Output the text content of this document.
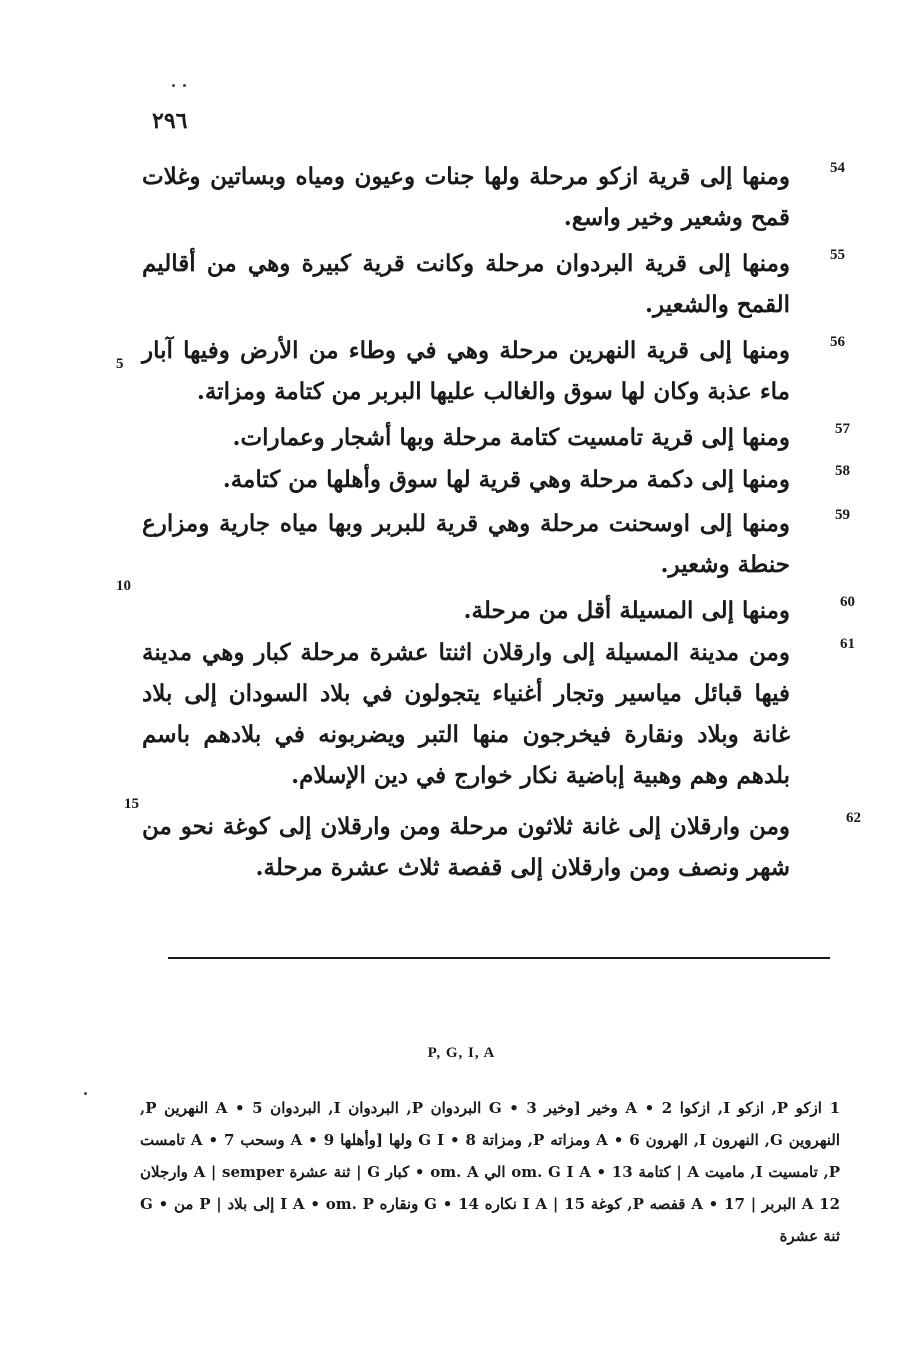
٢٩٦
54
ومنها إلى قرية ازكو مرحلة ولها جنات وعيون ومياه وبساتين وغلات قمح وشعير وخير واسع.
55
ومنها إلى قرية البردوان مرحلة وكانت قرية كبيرة وهي من أقاليم القمح والشعير.
56
ومنها إلى قرية النهرين مرحلة وهي في وطاء من الأرض وفيها آبار ماء عذبة وكان لها سوق والغالب عليها البربر من كتامة ومزاتة.
57
ومنها إلى قرية تامسيت كتامة مرحلة وبها أشجار وعمارات.
58
ومنها إلى دكمة مرحلة وهي قرية لها سوق وأهلها من كتامة.
59
ومنها إلى اوسحنت مرحلة وهي قرية للبربر وبها مياه جارية ومزارع حنطة وشعير.
60
ومنها إلى المسيلة أقل من مرحلة.
61
ومن مدينة المسيلة إلى وارقلان اثنتا عشرة مرحلة كبار وهي مدينة فيها قبائل مياسير وتجار أغنياء يتجولون في بلاد السودان إلى بلاد غانة وبلاد ونقارة فيخرجون منها التبر ويضربونه في بلادهم باسم بلدهم وهم وهبية إباضية نكار خوارج في دين الإسلام.
62
ومن وارقلان إلى غانة ثلاثون مرحلة ومن وارقلان إلى كوغة نحو من شهر ونصف ومن وارقلان إلى قفصة ثلاث عشرة مرحلة.
5
10
15
P, G, I, A
1 ازكو P, ازكو I, ازكوا A • 2 وخير [وخير G • 3 البردوان P, البردوان I, البردوان A • 5 النهرين P, النهروين G, النهرون I, الهرون A • 6 ومزاته P, ومزاتة G I • 8 ولها [وأهلها A • 9 وسحب A • 7 تامست P, تامسيت I, ماميت A | كتامة om. G I A • 13 الي om. A • كبار G | ثنة عشرة A | semper وارجلان 12 A البربر | A • 17 قفصه P, كوغة I A | 15 نكاره G • 14 ونقاره I A • om. P إلى بلاد | P من • G ثنة عشرة
